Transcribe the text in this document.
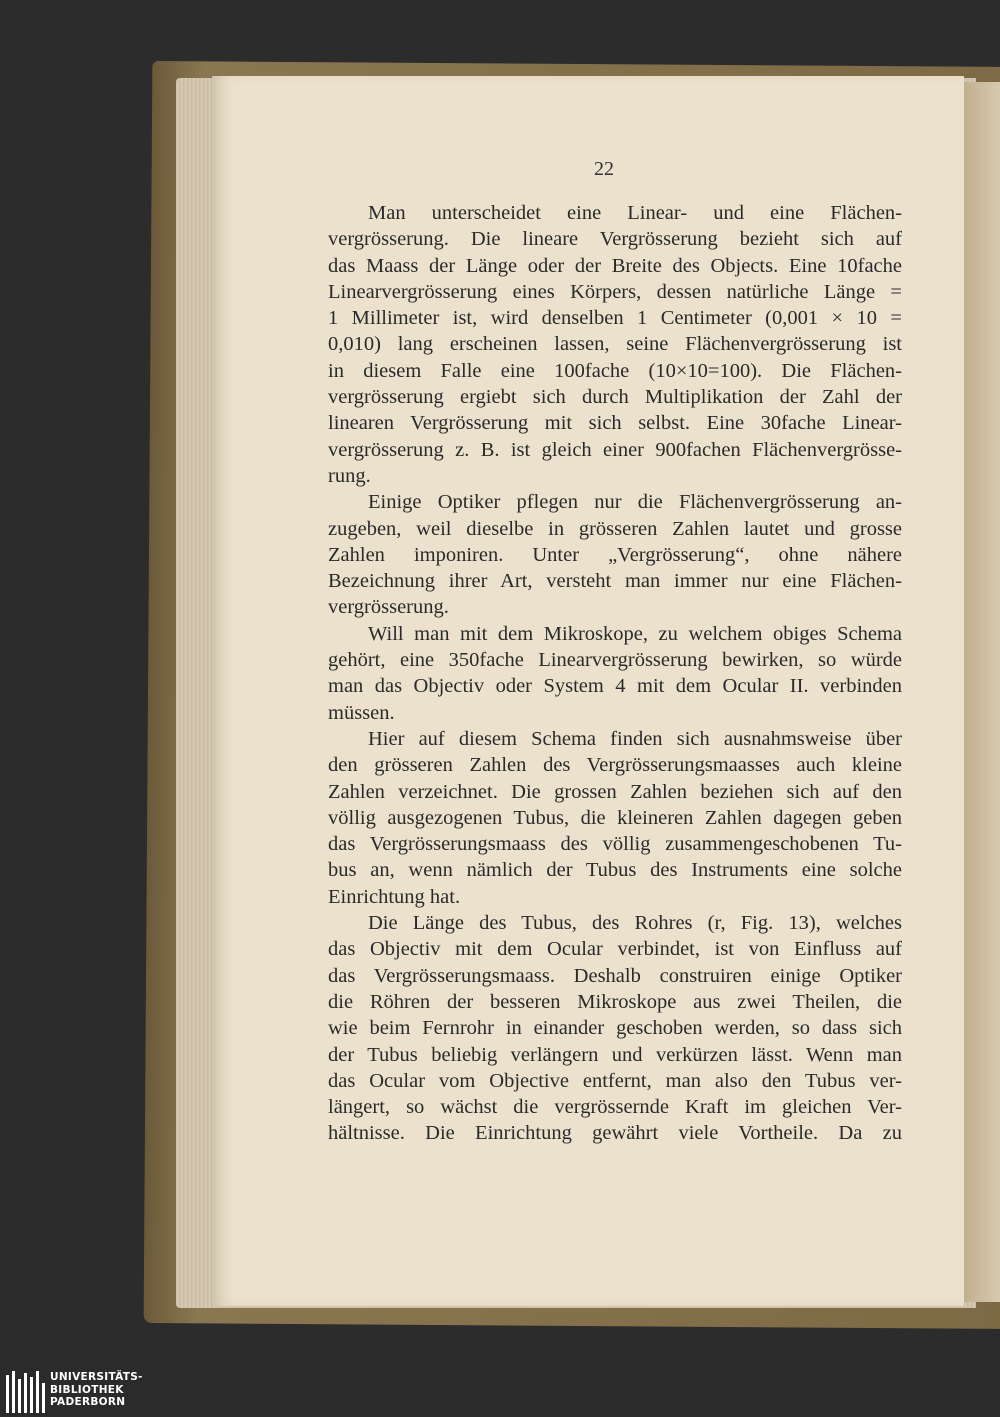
22
Man unterscheidet eine Linear- und eine Flächen-
vergrösserung. Die lineare Vergrösserung bezieht sich auf
das Maass der Länge oder der Breite des Objects. Eine 10fache
Linearvergrösserung eines Körpers, dessen natürliche Länge =
1 Millimeter ist, wird denselben 1 Centimeter (0,001 × 10 =
0,010) lang erscheinen lassen, seine Flächenvergrösserung ist
in diesem Falle eine 100fache (10×10=100). Die Flächen-
vergrösserung ergiebt sich durch Multiplikation der Zahl der
linearen Vergrösserung mit sich selbst. Eine 30fache Linear-
vergrösserung z. B. ist gleich einer 900fachen Flächenvergrösse-
rung.
Einige Optiker pflegen nur die Flächenvergrösserung an-
zugeben, weil dieselbe in grösseren Zahlen lautet und grosse
Zahlen imponiren. Unter „Vergrösserung“, ohne nähere
Bezeichnung ihrer Art, versteht man immer nur eine Flächen-
vergrösserung.
Will man mit dem Mikroskope, zu welchem obiges Schema
gehört, eine 350fache Linearvergrösserung bewirken, so würde
man das Objectiv oder System 4 mit dem Ocular II. verbinden
müssen.
Hier auf diesem Schema finden sich ausnahmsweise über
den grösseren Zahlen des Vergrösserungsmaasses auch kleine
Zahlen verzeichnet. Die grossen Zahlen beziehen sich auf den
völlig ausgezogenen Tubus, die kleineren Zahlen dagegen geben
das Vergrösserungsmaass des völlig zusammengeschobenen Tu-
bus an, wenn nämlich der Tubus des Instruments eine solche
Einrichtung hat.
Die Länge des Tubus, des Rohres (r, Fig. 13), welches
das Objectiv mit dem Ocular verbindet, ist von Einfluss auf
das Vergrösserungsmaass. Deshalb construiren einige Optiker
die Röhren der besseren Mikroskope aus zwei Theilen, die
wie beim Fernrohr in einander geschoben werden, so dass sich
der Tubus beliebig verlängern und verkürzen lässt. Wenn man
das Ocular vom Objective entfernt, man also den Tubus ver-
längert, so wächst die vergrössernde Kraft im gleichen Ver-
hältnisse. Die Einrichtung gewährt viele Vortheile. Da zu
UNIVERSITÄTS-
BIBLIOTHEK
PADERBORN
